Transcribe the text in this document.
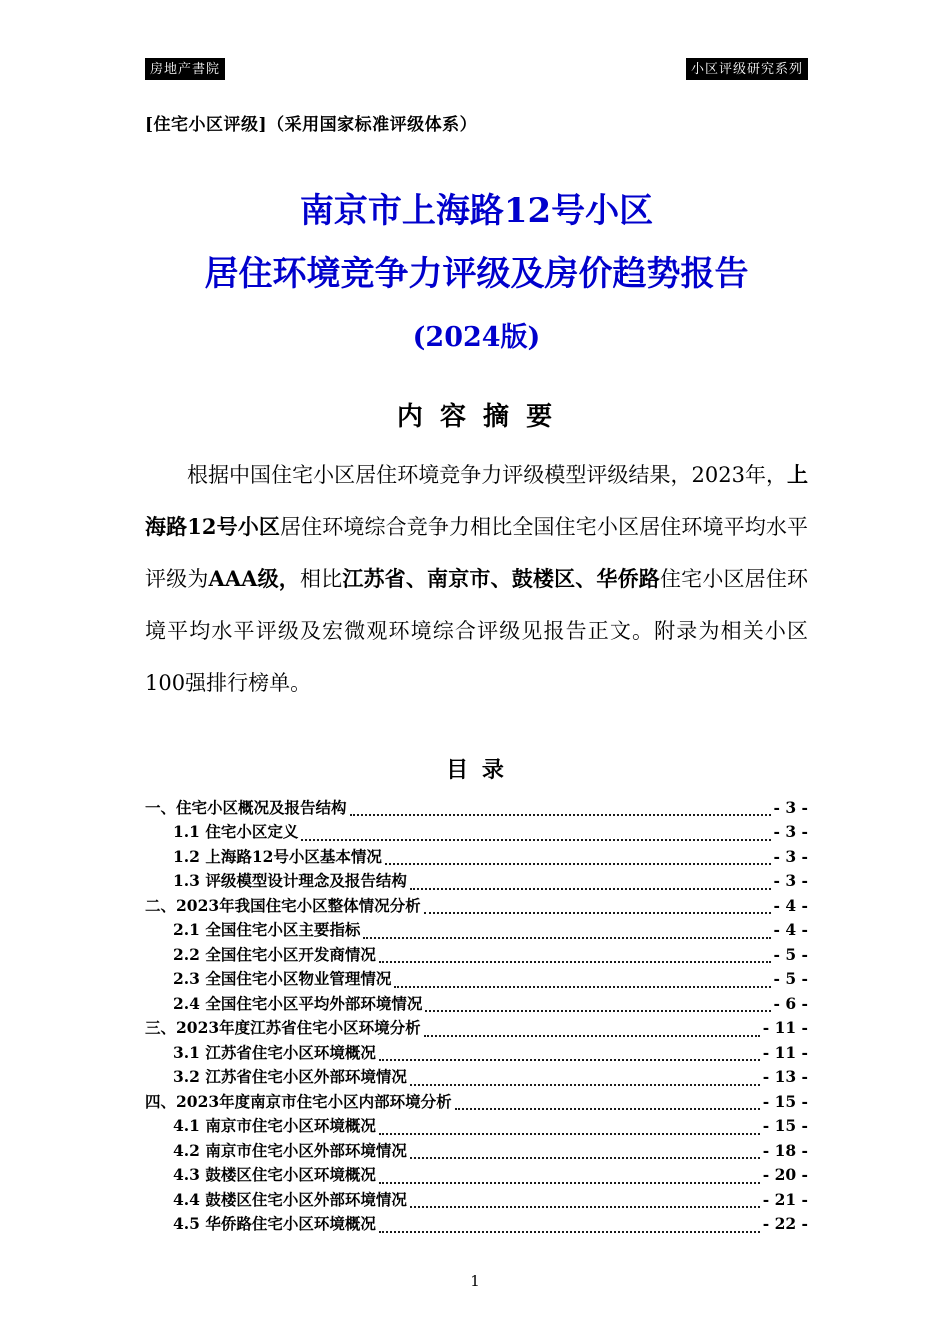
房地产書院	小区评级研究系列
[住宅小区评级]（采用国家标准评级体系）
南京市上海路12号小区
居住环境竞争力评级及房价趋势报告
(2024版)
内 容 摘 要

根据中国住宅小区居住环境竞争力评级模型评级结果，2023年，上海路12号小区居住环境综合竞争力相比全国住宅小区居住环境平均水平评级为AAA级，相比江苏省、南京市、鼓楼区、华侨路住宅小区居住环境平均水平评级及宏微观环境综合评级见报告正文。附录为相关小区100强排行榜单。

目 录
一、住宅小区概况及报告结构	- 3 -
1.1 住宅小区定义	- 3 -
1.2 上海路12号小区基本情况	- 3 -
1.3 评级模型设计理念及报告结构	- 3 -
二、2023年我国住宅小区整体情况分析	- 4 -
2.1 全国住宅小区主要指标	- 4 -
2.2 全国住宅小区开发商情况	- 5 -
2.3 全国住宅小区物业管理情况	- 5 -
2.4 全国住宅小区平均外部环境情况	- 6 -
三、2023年度江苏省住宅小区环境分析	- 11 -
3.1 江苏省住宅小区环境概况	- 11 -
3.2 江苏省住宅小区外部环境情况	- 13 -
四、2023年度南京市住宅小区内部环境分析	- 15 -
4.1 南京市住宅小区环境概况	- 15 -
4.2 南京市住宅小区外部环境情况	- 18 -
4.3 鼓楼区住宅小区环境概况	- 20 -
4.4 鼓楼区住宅小区外部环境情况	- 21 -
4.5 华侨路住宅小区环境概况	- 22 -
1
